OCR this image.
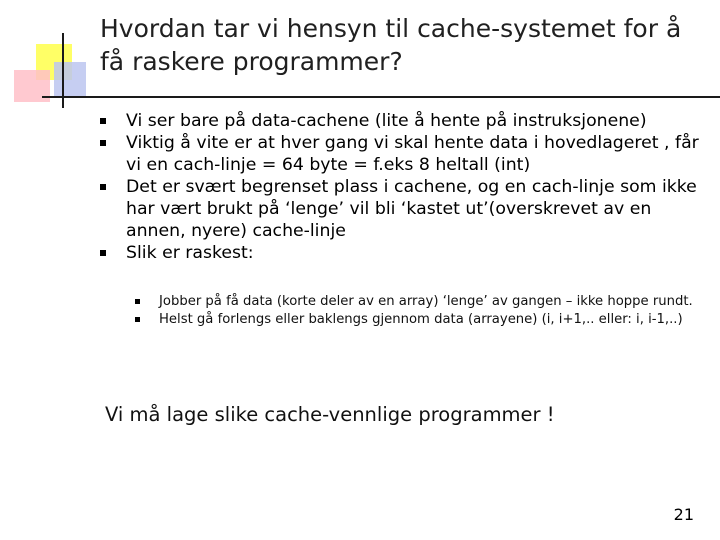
Hvordan tar vi hensyn til cache-systemet for å få raskere programmer?
Vi ser bare på data-cachene (lite å hente på instruksjonene)
Viktig å vite er at hver gang vi skal hente data i hovedlageret , får vi en cach-linje = 64 byte = f.eks 8 heltall (int)
Det er svært begrenset plass i cachene, og en cach-linje som ikke har vært brukt på ‘lenge’ vil bli ‘kastet ut’(overskrevet av en annen, nyere) cache-linje
Slik er raskest:
Jobber på få data (korte deler av en array) ‘lenge’ av gangen – ikke hoppe rundt.
Helst gå forlengs eller baklengs gjennom data (arrayene) (i, i+1,.. eller: i, i-1,..)
Vi må lage slike cache-vennlige programmer !
21
